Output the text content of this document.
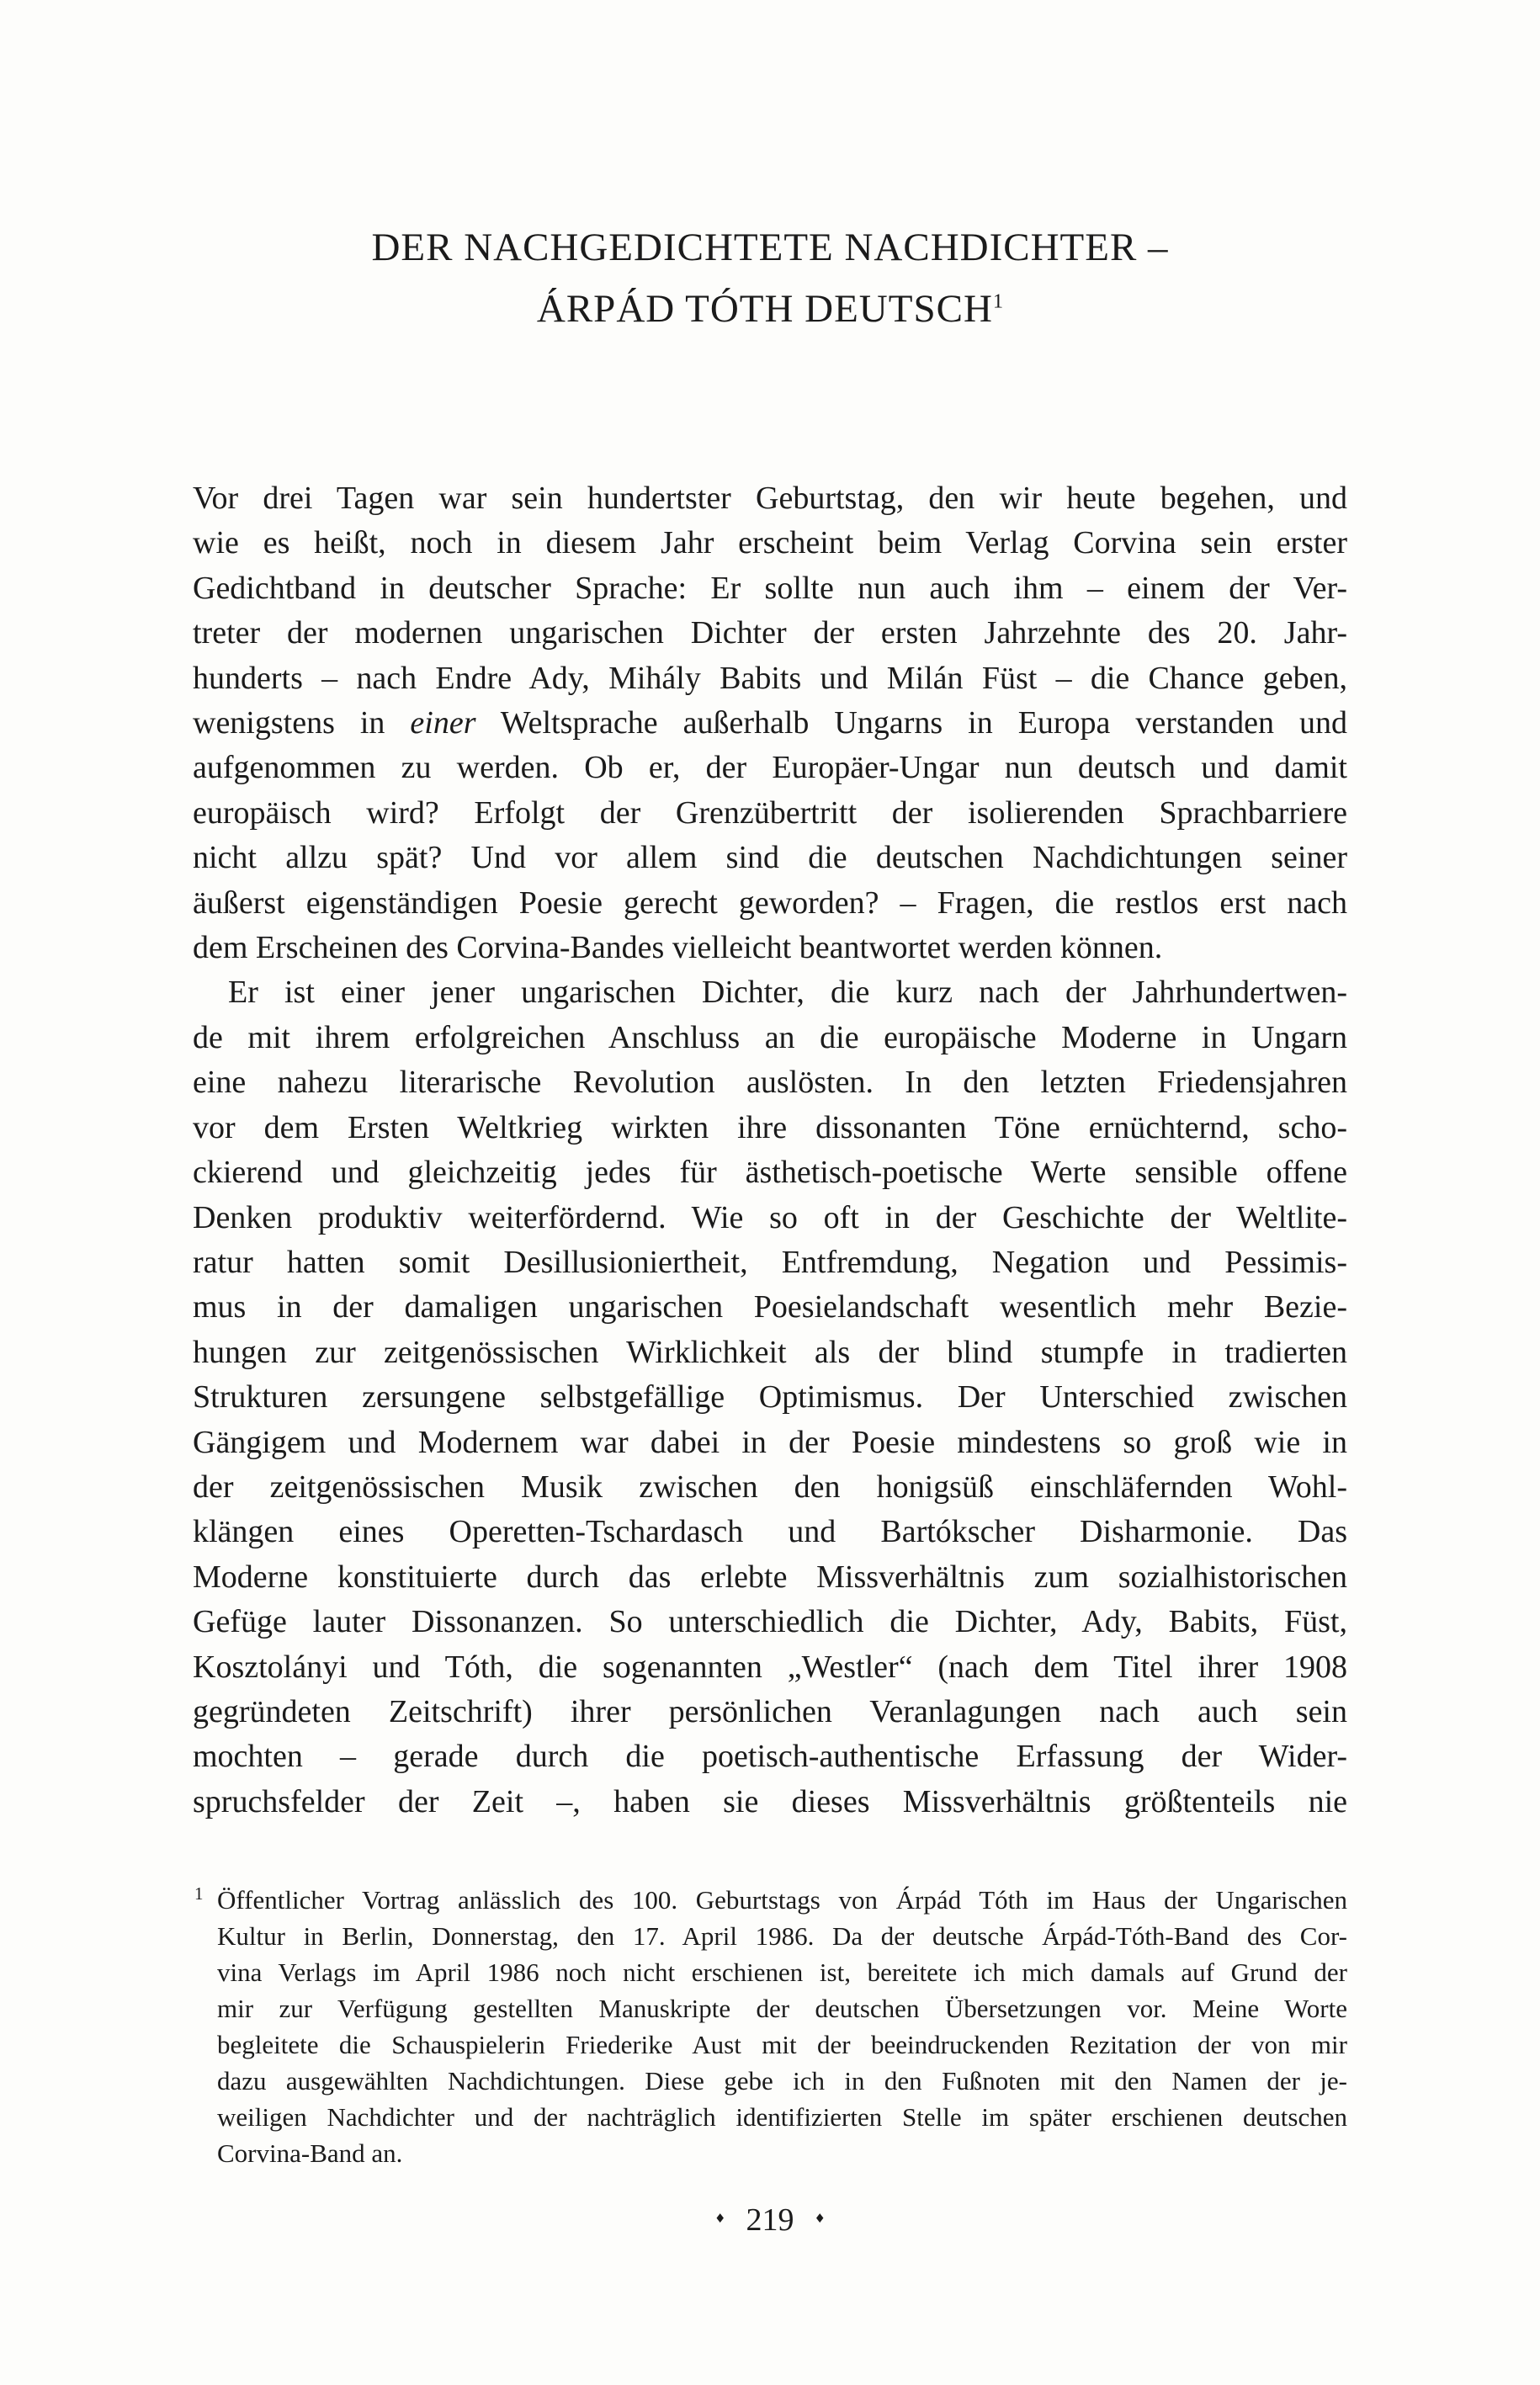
DER NACHGEDICHTETE NACHDICHTER –
ÁRPÁD TÓTH DEUTSCH$^1$
Vor drei Tagen war sein hundertster Geburtstag, den wir heute begehen, und
wie es heißt, noch in diesem Jahr erscheint beim Verlag Corvina sein erster
Gedichtband in deutscher Sprache: Er sollte nun auch ihm – einem der Ver-
treter der modernen ungarischen Dichter der ersten Jahrzehnte des 20. Jahr-
hunderts – nach Endre Ady, Mihály Babits und Milán Füst – die Chance geben,
wenigstens in einer Weltsprache außerhalb Ungarns in Europa verstanden und
aufgenommen zu werden. Ob er, der Europäer-Ungar nun deutsch und damit
europäisch wird? Erfolgt der Grenzübertritt der isolierenden Sprachbarriere
nicht allzu spät? Und vor allem sind die deutschen Nachdichtungen seiner
äußerst eigenständigen Poesie gerecht geworden? – Fragen, die restlos erst nach
dem Erscheinen des Corvina-Bandes vielleicht beantwortet werden können.
Er ist einer jener ungarischen Dichter, die kurz nach der Jahrhundertwen-
de mit ihrem erfolgreichen Anschluss an die europäische Moderne in Ungarn
eine nahezu literarische Revolution auslösten. In den letzten Friedensjahren
vor dem Ersten Weltkrieg wirkten ihre dissonanten Töne ernüchternd, scho-
ckierend und gleichzeitig jedes für ästhetisch-poetische Werte sensible offene
Denken produktiv weiterfördernd. Wie so oft in der Geschichte der Weltlite-
ratur hatten somit Desillusioniertheit, Entfremdung, Negation und Pessimis-
mus in der damaligen ungarischen Poesielandschaft wesentlich mehr Bezie-
hungen zur zeitgenössischen Wirklichkeit als der blind stumpfe in tradierten
Strukturen zersungene selbstgefällige Optimismus. Der Unterschied zwischen
Gängigem und Modernem war dabei in der Poesie mindestens so groß wie in
der zeitgenössischen Musik zwischen den honigsüß einschläfernden Wohl-
klängen eines Operetten-Tschardasch und Bartókscher Disharmonie. Das
Moderne konstituierte durch das erlebte Missverhältnis zum sozialhistorischen
Gefüge lauter Dissonanzen. So unterschiedlich die Dichter, Ady, Babits, Füst,
Kosztolányi und Tóth, die sogenannten „Westler“ (nach dem Titel ihrer 1908
gegründeten Zeitschrift) ihrer persönlichen Veranlagungen nach auch sein
mochten – gerade durch die poetisch-authentische Erfassung der Wider-
spruchsfelder der Zeit –, haben sie dieses Missverhältnis größtenteils nie
1 Öffentlicher Vortrag anlässlich des 100. Geburtstags von Árpád Tóth im Haus der Ungarischen
Kultur in Berlin, Donnerstag, den 17. April 1986. Da der deutsche Árpád-Tóth-Band des Cor-
vina Verlags im April 1986 noch nicht erschienen ist, bereitete ich mich damals auf Grund der
mir zur Verfügung gestellten Manuskripte der deutschen Übersetzungen vor. Meine Worte
begleitete die Schauspielerin Friederike Aust mit der beeindruckenden Rezitation der von mir
dazu ausgewählten Nachdichtungen. Diese gebe ich in den Fußnoten mit den Namen der je-
weiligen Nachdichter und der nachträglich identifizierten Stelle im später erschienen deutschen
Corvina-Band an.
♦ 219 ♦
